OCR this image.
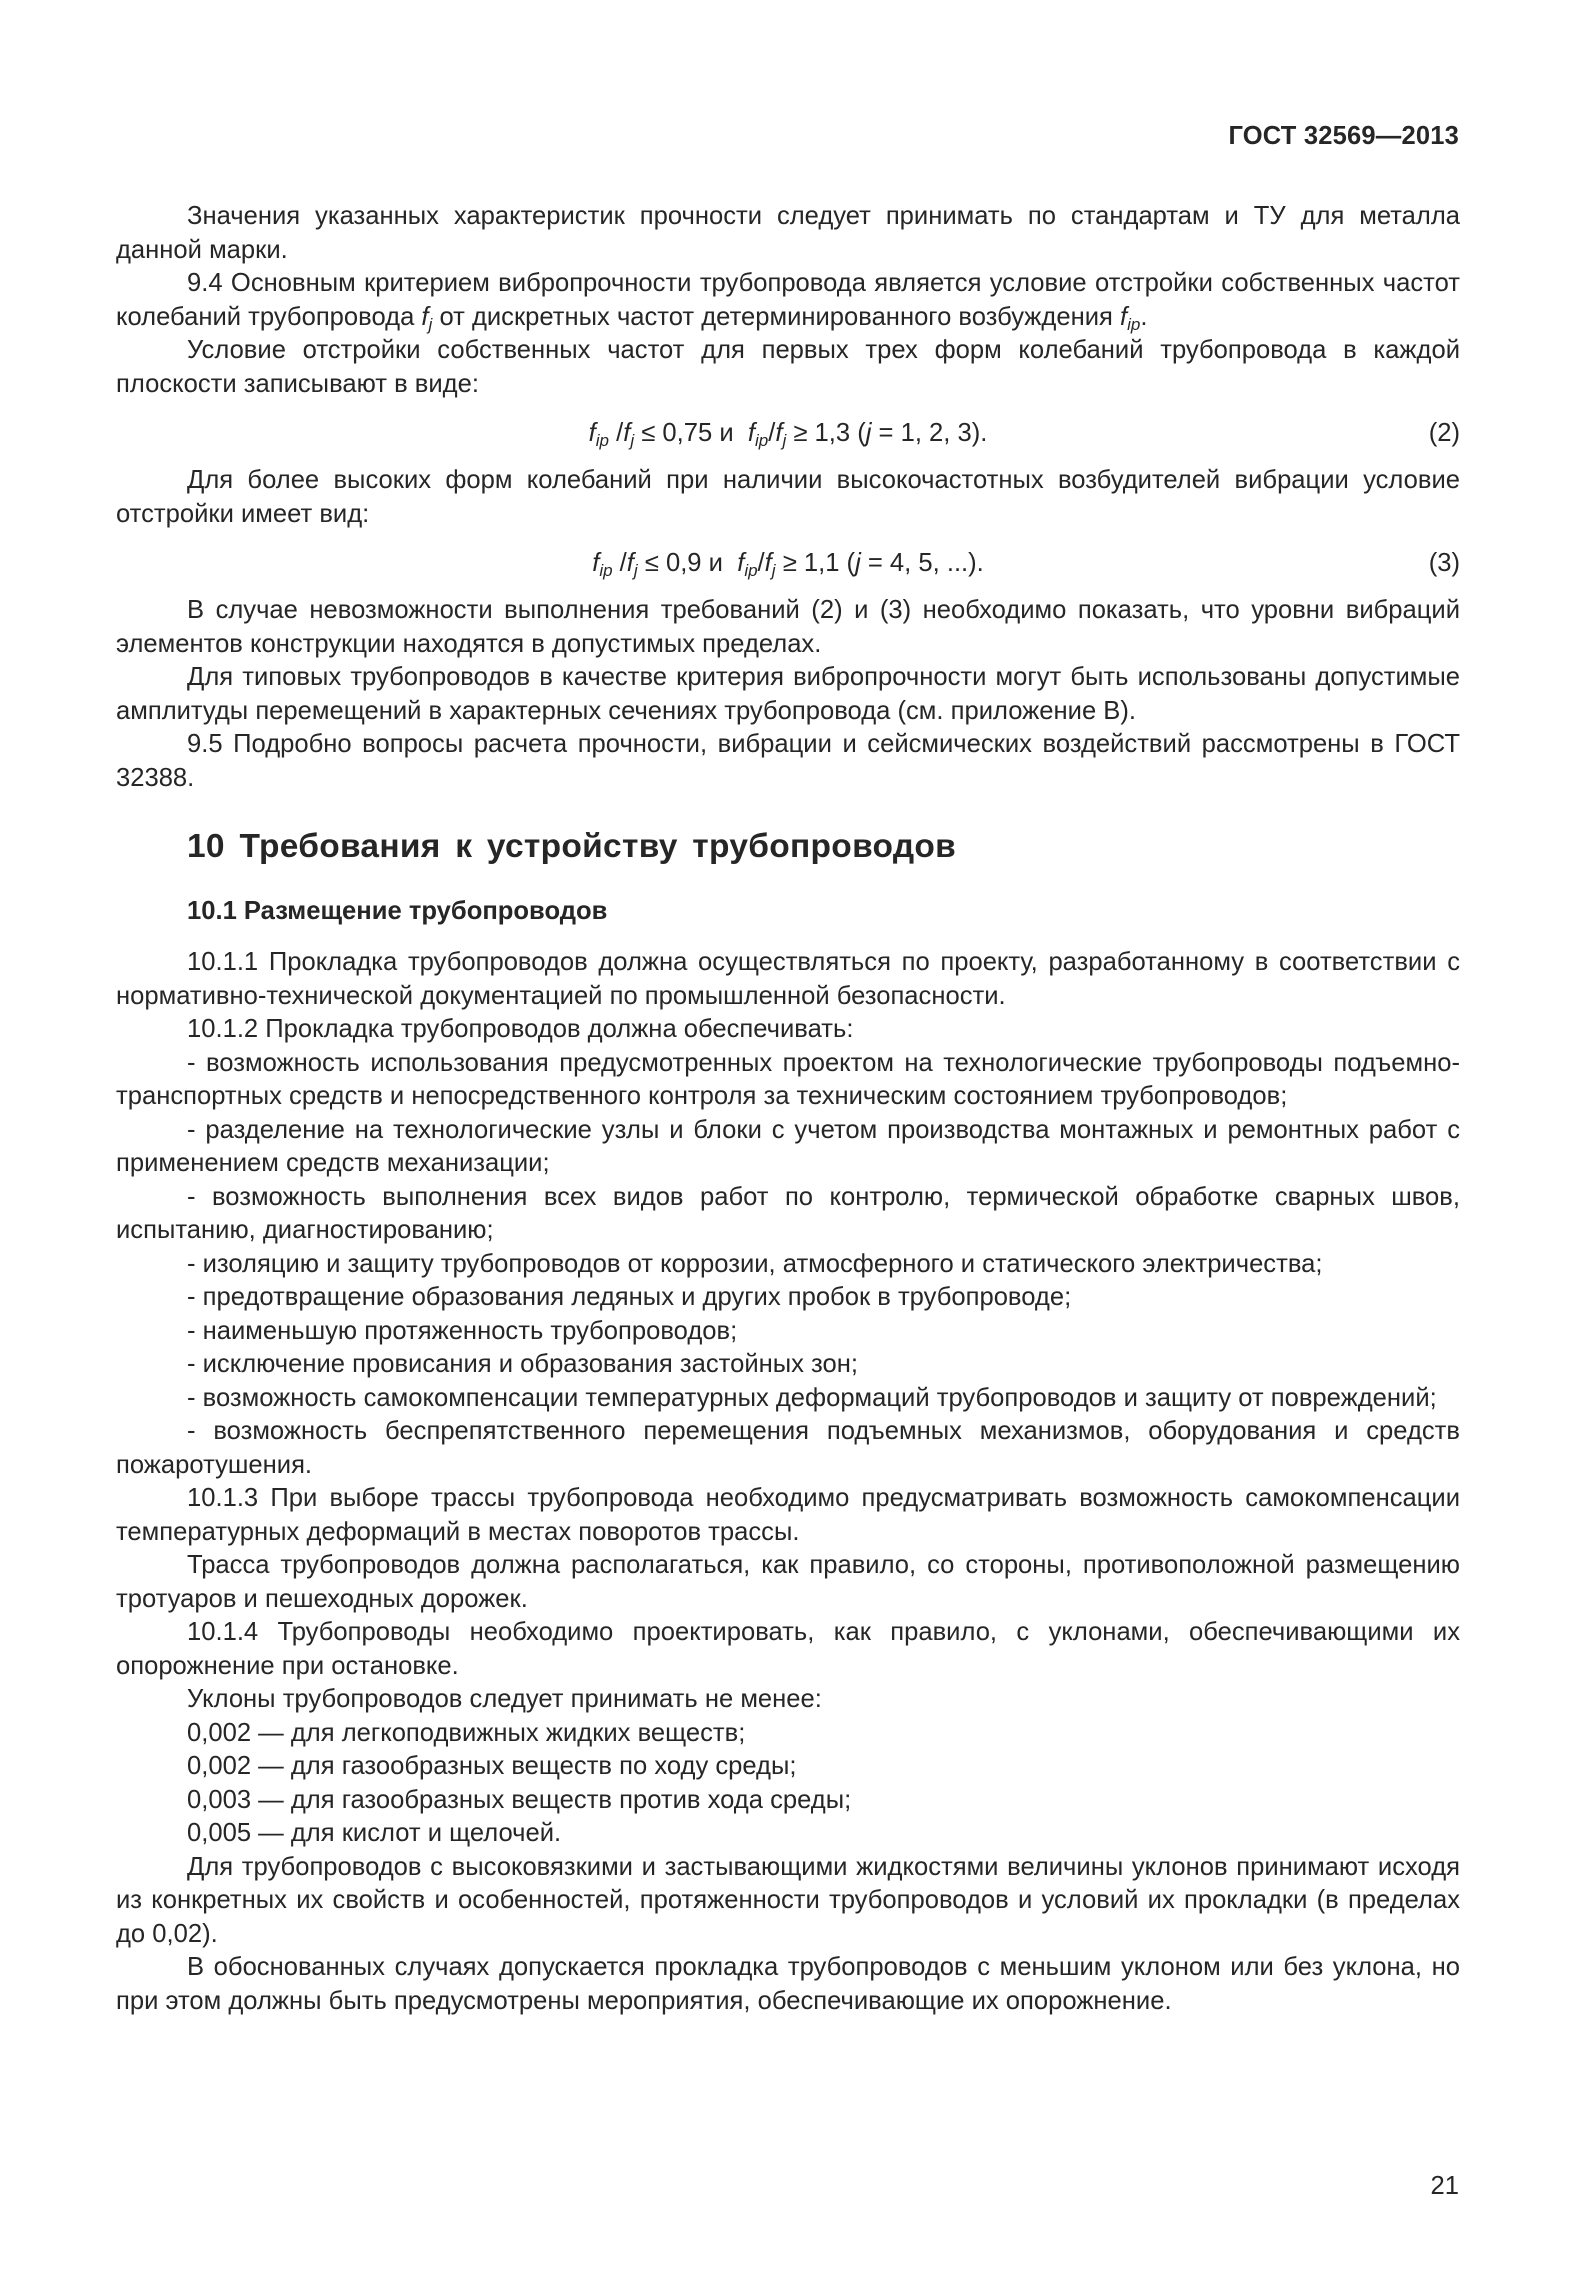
ГОСТ 32569—2013

Значения указанных характеристик прочности следует принимать по стандартам и ТУ для металла данной марки.

9.4 Основным критерием вибропрочности трубопровода является условие отстройки собственных частот колебаний трубопровода $f_j$ от дискретных частот детерминированного возбуждения $f_{ip}$.

Условие отстройки собственных частот для первых трех форм колебаний трубопровода в каждой плоскости записывают в виде:

$f_{ip}$ $/f_j \le 0,75$ и  $f_{ip}/f_j \ge 1,3$ (j = 1, 2, 3).	(2)

Для более высоких форм колебаний при наличии высокочастотных возбудителей вибрации условие отстройки имеет вид:

$f_{ip}$ $/f_j \le 0,9$ и  $f_{ip}/f_j \ge 1,1$ (j = 4, 5, ...).	(3)

В случае невозможности выполнения требований (2) и (3) необходимо показать, что уровни вибраций элементов конструкции находятся в допустимых пределах.

Для типовых трубопроводов в качестве критерия вибропрочности могут быть использованы допустимые амплитуды перемещений в характерных сечениях трубопровода (см. приложение В).

9.5 Подробно вопросы расчета прочности, вибрации и сейсмических воздействий рассмотрены в ГОСТ 32388.

10 Требования к устройству трубопроводов
10.1 Размещение трубопроводов

10.1.1 Прокладка трубопроводов должна осуществляться по проекту, разработанному в соответствии с нормативно-технической документацией по промышленной безопасности.

10.1.2 Прокладка трубопроводов должна обеспечивать:

- возможность использования предусмотренных проектом на технологические трубопроводы подъемно-транспортных средств и непосредственного контроля за техническим состоянием трубопроводов;

- разделение на технологические узлы и блоки с учетом производства монтажных и ремонтных работ с применением средств механизации;

- возможность выполнения всех видов работ по контролю, термической обработке сварных швов, испытанию, диагностированию;

- изоляцию и защиту трубопроводов от коррозии, атмосферного и статического электричества;

- предотвращение образования ледяных и других пробок в трубопроводе;

- наименьшую протяженность трубопроводов;

- исключение провисания и образования застойных зон;

- возможность самокомпенсации температурных деформаций трубопроводов и защиту от повреждений;

- возможность беспрепятственного перемещения подъемных механизмов, оборудования и средств пожаротушения.

10.1.3 При выборе трассы трубопровода необходимо предусматривать возможность самокомпенсации температурных деформаций в местах поворотов трассы.

Трасса трубопроводов должна располагаться, как правило, со стороны, противоположной размещению тротуаров и пешеходных дорожек.

10.1.4 Трубопроводы необходимо проектировать, как правило, с уклонами, обеспечивающими их опорожнение при остановке.

Уклоны трубопроводов следует принимать не менее:

0,002 — для легкоподвижных жидких веществ;

0,002 — для газообразных веществ по ходу среды;

0,003 — для газообразных веществ против хода среды;

0,005 — для кислот и щелочей.

Для трубопроводов с высоковязкими и застывающими жидкостями величины уклонов принимают исходя из конкретных их свойств и особенностей, протяженности трубопроводов и условий их прокладки (в пределах до 0,02).

В обоснованных случаях допускается прокладка трубопроводов с меньшим уклоном или без уклона, но при этом должны быть предусмотрены мероприятия, обеспечивающие их опорожнение.

21
